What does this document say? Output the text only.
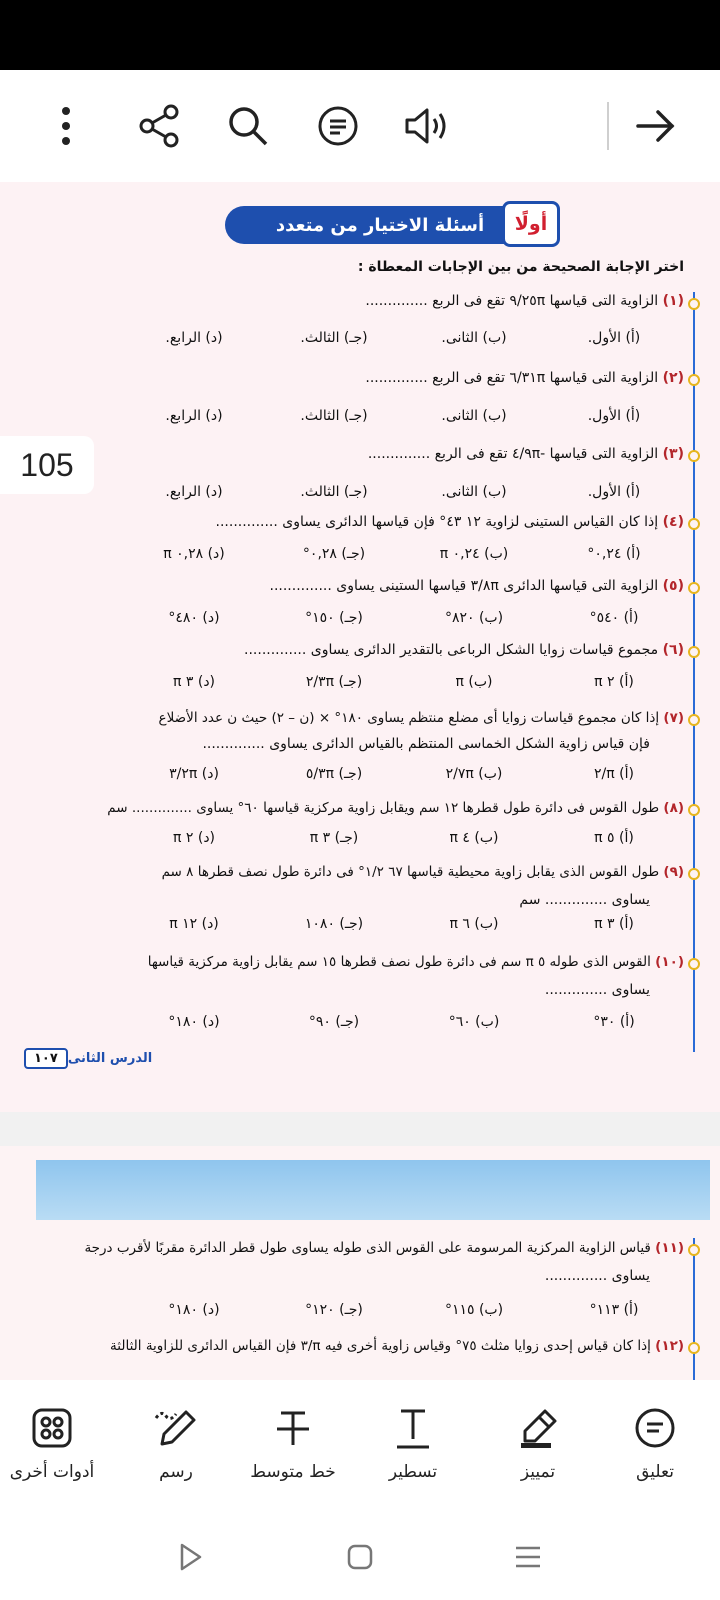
أسئلة الاختيار من متعدد	أولًا
اختر الإجابة الصحيحة من بين الإجابات المعطاة :
(١) الزاوية التى قياسها ٢٥π/٩ تقع فى الربع ..............
(أ) الأول.
(ب) الثانى.
(جـ) الثالث.
(د) الرابع.
(٢) الزاوية التى قياسها ٣١π/٦ تقع فى الربع ..............
(أ) الأول.
(ب) الثانى.
(جـ) الثالث.
(د) الرابع.
(٣) الزاوية التى قياسها -٩π/٤ تقع فى الربع ..............
(أ) الأول.
(ب) الثانى.
(جـ) الثالث.
(د) الرابع.
(٤) إذا كان القياس الستينى لزاوية ١٢ ٤٣° فإن قياسها الدائرى يساوى ..............
(أ) ٠,٢٤°
(ب) ٠,٢٤ π
(جـ) ٠,٢٨°
(د) ٠,٢٨ π
(٥) الزاوية التى قياسها الدائرى ٨π/٣ قياسها الستينى يساوى ..............
(أ) ٥٤٠°
(ب) ٨٢٠°
(جـ) ١٥٠°
(د) ٤٨٠°
(٦) مجموع قياسات زوايا الشكل الرباعى بالتقدير الدائرى يساوى ..............
(أ) ٢ π
(ب) π
(جـ) ٣π/٢
(د) ٣ π
(٧) إذا كان مجموع قياسات زوايا أى مضلع منتظم يساوى ١٨٠° × (ن – ٢) حيث ن عدد الأضلاع
فإن قياس زاوية الشكل الخماسى المنتظم بالقياس الدائرى يساوى ..............
(أ) π/٢
(ب) ٧π/٢
(جـ) ٣π/٥
(د) ٢π/٣
(٨) طول القوس فى دائرة طول قطرها ١٢ سم ويقابل زاوية مركزية قياسها ٦٠° يساوى .............. سم
(أ) ٥ π
(ب) ٤ π
(جـ) ٣ π
(د) ٢ π
(٩) طول القوس الذى يقابل زاوية محيطية قياسها ٦٧ ١/٢° فى دائرة طول نصف قطرها ٨ سم
يساوى .............. سم
(أ) ٣ π
(ب) ٦ π
(جـ) ١٠٨٠
(د) ١٢ π
(١٠) القوس الذى طوله ٥ π سم فى دائرة طول نصف قطرها ١٥ سم يقابل زاوية مركزية قياسها
يساوى ..............
(أ) ٣٠°
(ب) ٦٠°
(جـ) ٩٠°
(د) ١٨٠°
الدرس الثانى
١٠٧
105
(١١) قياس الزاوية المركزية المرسومة على القوس الذى طوله يساوى طول قطر الدائرة مقربًا لأقرب درجة
يساوى ..............
(أ) ١١٣°
(ب) ١١٥°
(جـ) ١٢٠°
(د) ١٨٠°
(١٢) إذا كان قياس إحدى زوايا مثلث ٧٥° وقياس زاوية أخرى فيه π/٣ فإن القياس الدائرى للزاوية الثالثة
تعليق
تمييز
تسطير
خط متوسط
رسم
أدوات أخرى
